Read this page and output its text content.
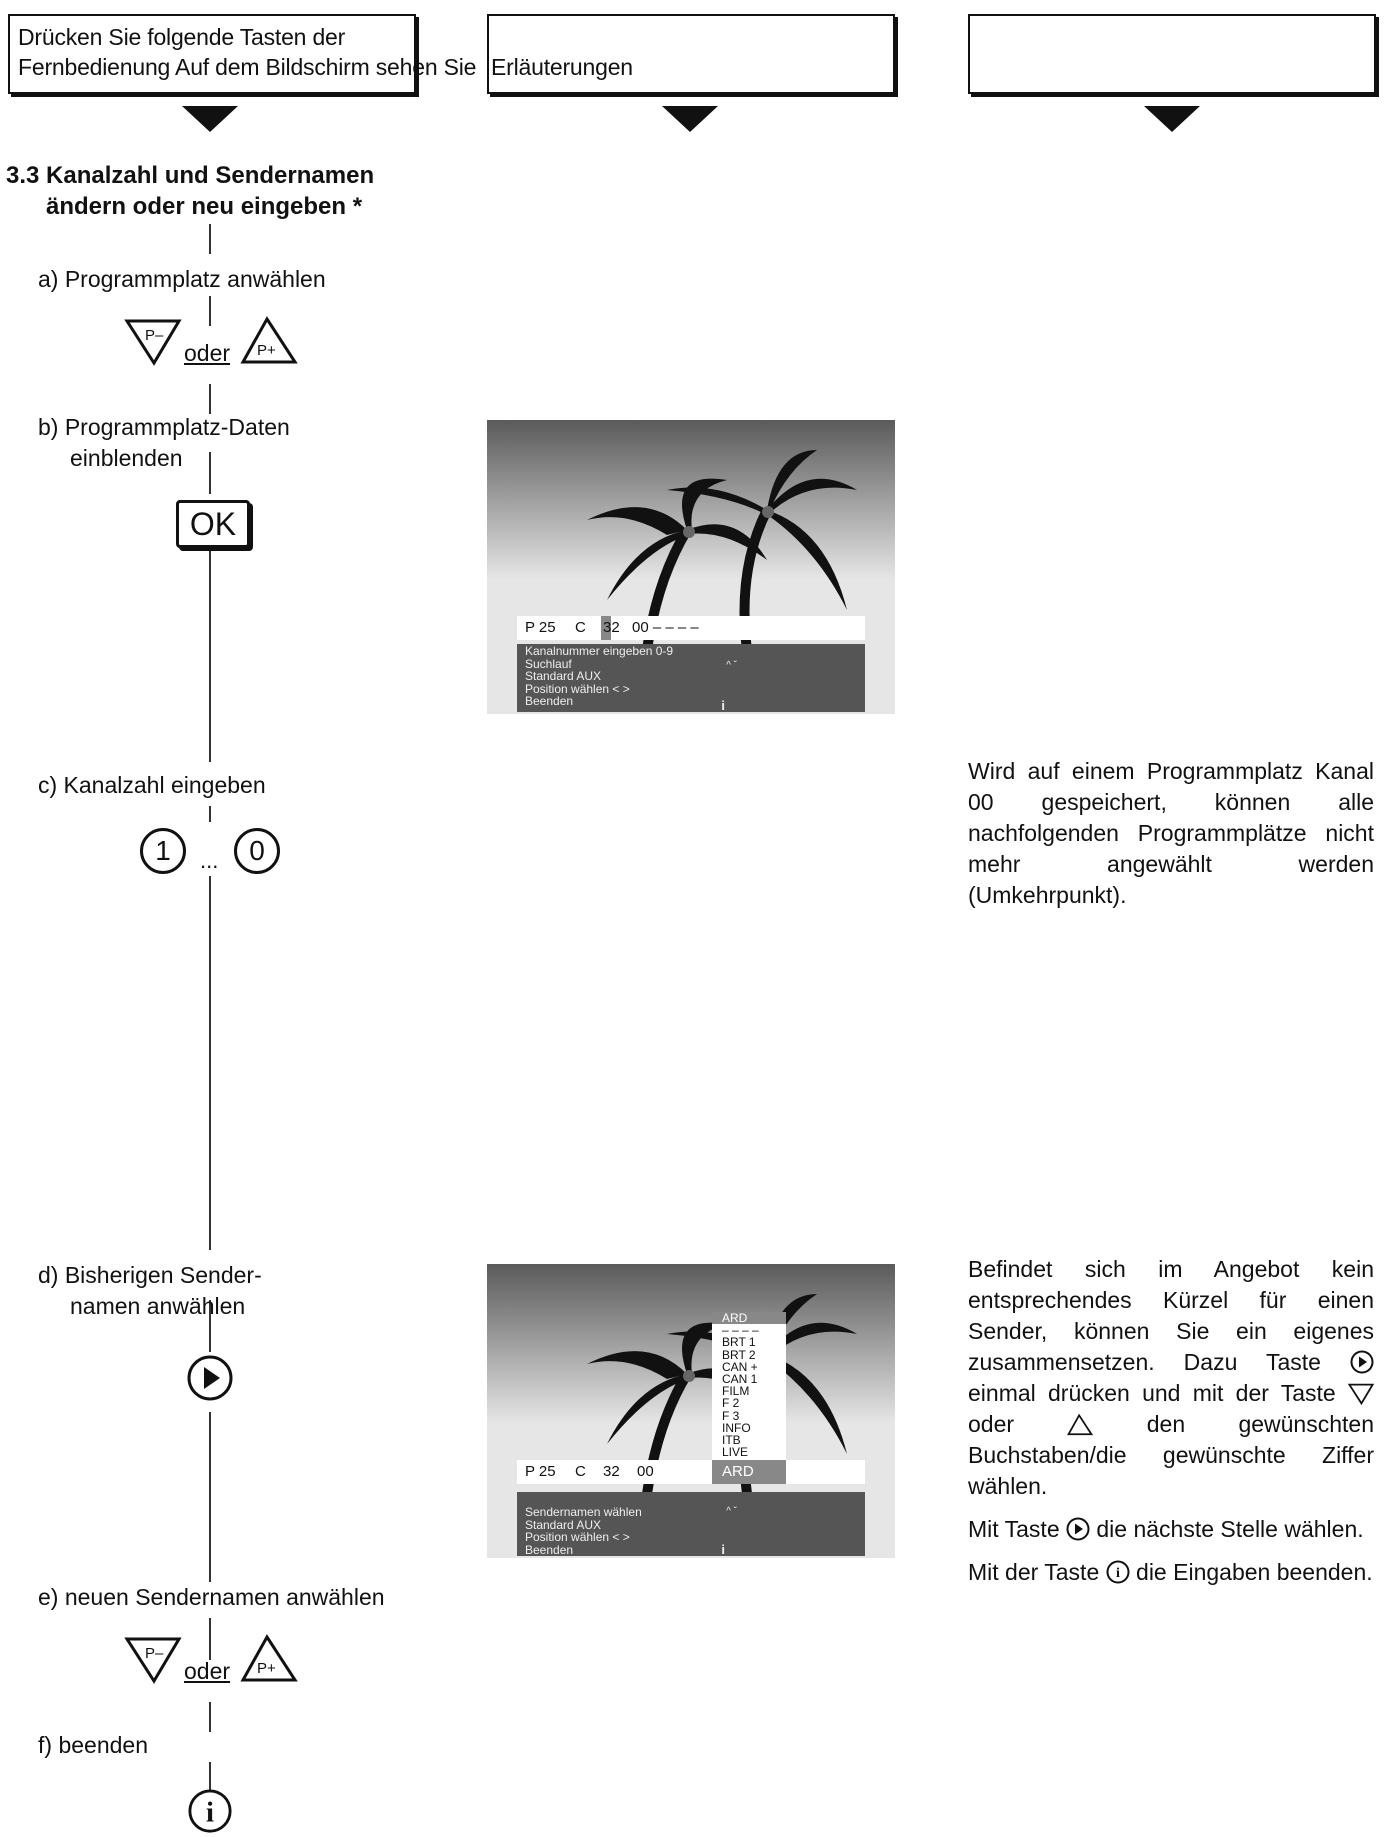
Drücken Sie folgende Tasten der
Fernbedienung Auf dem Bildschirm sehen Sie Erläuterungen
3.3 Kanalzahl und Sendernamen
ändern oder neu eingeben *
a) Programmplatz anwählen
P–
oder P+
b) Programmplatz-Daten
einblenden
OK
P 25 C 32 00 – – – –
Kanalnummer eingeben 0-9
Suchlauf
Standard AUX
Position wählen < >
Beenden
^ ˇ
i
c) Kanalzahl eingeben
1	...	0

Wird auf einem Programmplatz Kanal 00 gespeichert, können alle nachfolgenden Programmplätze nicht mehr angewählt werden (Umkehrpunkt).

d) Bisherigen Sender-
namen anwählen	ARD
– – – –
BRT 1
BRT 2
CAN +
CAN 1
FILM
F 2
F 3
INFO
ITB
LIVE
P 25 C 32 00	ARD
Sendernamen wählen
Standard AUX
Position wählen < >
Beenden
^ ˇ
i

Befindet sich im Angebot kein entsprechendes Kürzel für einen Sender, können Sie ein eigenes zusammensetzen. Dazu Taste
einmal drücken und mit der Taste
oder	den gewünschten Buchstaben/die gewünschte Ziffer wählen.

Mit Taste die nächste Stelle wählen.

Mit der Taste i die Eingaben beenden.

e) neuen Sendernamen anwählen
P–
oder P+
f) beenden
i
